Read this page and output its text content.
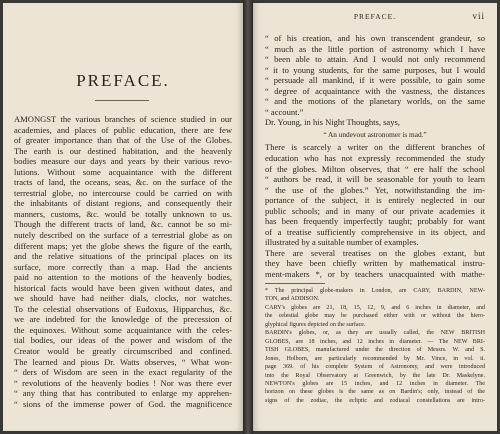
PREFACE.
AMONGST the various branches of science studied in our
academies, and places of public education, there are few
of greater importance than that of the Use of the Globes.
The earth is our destined habitation, and the heavenly
bodies measure our days and years by their various revo-
lutions. Without some acquaintance with the different
tracts of land, the oceans, seas, &c. on the surface of the
terrestrial globe, no intercourse could be carried on with
the inhabitants of distant regions, and consequently their
manners, customs, &c. would be totally unknown to us.
Though the different tracts of land, &c. cannot be so mi-
nutely described on the surface of a terrestrial globe as on
different maps; yet the globe shews the figure of the earth,
and the relative situations of the principal places on its
surface, more correctly than a map. Had the ancients
paid no attention to the motions of the heavenly bodies,
historical facts would have been given without dates, and
we should have had neither dials, clocks, nor watches.
To the celestial observations of Eudoxus, Hipparchus, &c.
we are indebted for the knowledge of the precession of
the equinoxes. Without some acquaintance with the celes-
tial bodies, our ideas of the power and wisdom of the
Creator would be greatly circumscribed and confined.
The learned and pious Dr. Watts observes, “ What won-
“ ders of Wisdom are seen in the exact regularity of the
“ revolutions of the heavenly bodies ! Nor was there ever
“ any thing that has contributed to enlarge my apprehen-
“ sions of the immense power of God. the magnificence
PREFACE.	vii
“ of his creation, and his own transcendent grandeur, so
“ much as the little portion of astronomy which I have
“ been able to attain. And I would not only recommend
“ it to young students, for the same purposes, but I would
“ persuade all mankind, if it were possible, to gain some
“ degree of acquaintance with the vastness, the distances
“ and the motions of the planetary worlds, on the same
“ account.”
Dr. Young, in his Night Thoughts, says,
“ An undevout astronomer is mad.”
There is scarcely a writer on the different branches of
education who has not expressly recommended the study
of the globes. Milton observes, that “ ere half the school
“ authors be read, it will be seasonable for youth to learn
“ the use of the globes.” Yet, notwithstanding the im-
portance of the subject, it is entirely neglected in our
public schools; and in many of our private academies it
has been frequently imperfectly taught; probably for want
of a treatise sufficiently comprehensive in its object, and
illustrated by a suitable number of examples.
There are several treatises on the globes extant, but
they have been chiefly written by mathematical instru-
ment-makers *, or by teachers unacquainted with mathe-
* The principal globe-makers in London, are CARY, BARDIN, NEW-
TON, and ADDISON.
CARY's globes are 21, 18, 15, 12, 9, and 6 inches in diameter, and
the celestial globe may be purchased either with or without the hiero-
glyphical figures depicted on the surface.
BARDIN's globes, or, as they are usually called, the NEW BRITISH
GLOBES, are 18 inches, and 12 inches in diameter. — The NEW BRI-
TISH GLOBES, manufactured under the direction of Messrs. W. and S.
Jones, Holborn, are particularly recommended by Mr. Vince, in vol. ii.
page 369. of his complete System of Astronomy, and were introduced
into the Royal Observatory at Greenwich, by the late Dr. Maskelyne.
NEWTON's globes are 15 inches, and 12 inches in diameter. The
horizon on these globes is the same as on Bardin's; only, instead of the
signs of the zodiac, the ecliptic and zodiacal constellations are intro-
